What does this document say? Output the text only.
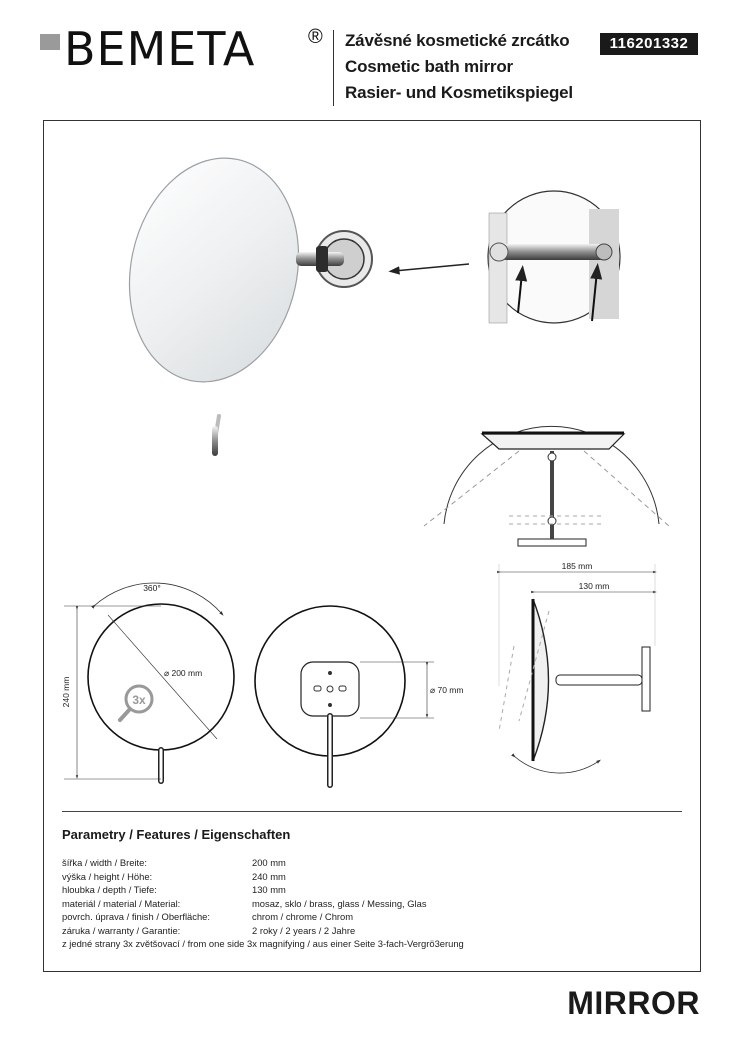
BEMETA	® Závěsné kosmetické zrcátko
Cosmetic bath mirror
Rasier- und Kosmetikspiegel
116201332
360°
⌀ 200 mm
240 mm	3x
⌀ 70 mm
185 mm
130 mm
Parametry / Features / Eigenschaften
šířka / width / Breite:	200 mm
výška / height / Höhe:	240 mm
hloubka / depth / Tiefe:	130 mm
materiál / material / Material:	mosaz, sklo / brass, glass / Messing, Glas
povrch. úprava / finish / Oberfläche:	chrom / chrome / Chrom
záruka / warranty / Garantie:	2 roky / 2 years / 2 Jahre
z jedné strany 3x zvětšovací / from one side 3x magnifying / aus einer Seite 3-fach-Vergrö3erung
MIRROR
